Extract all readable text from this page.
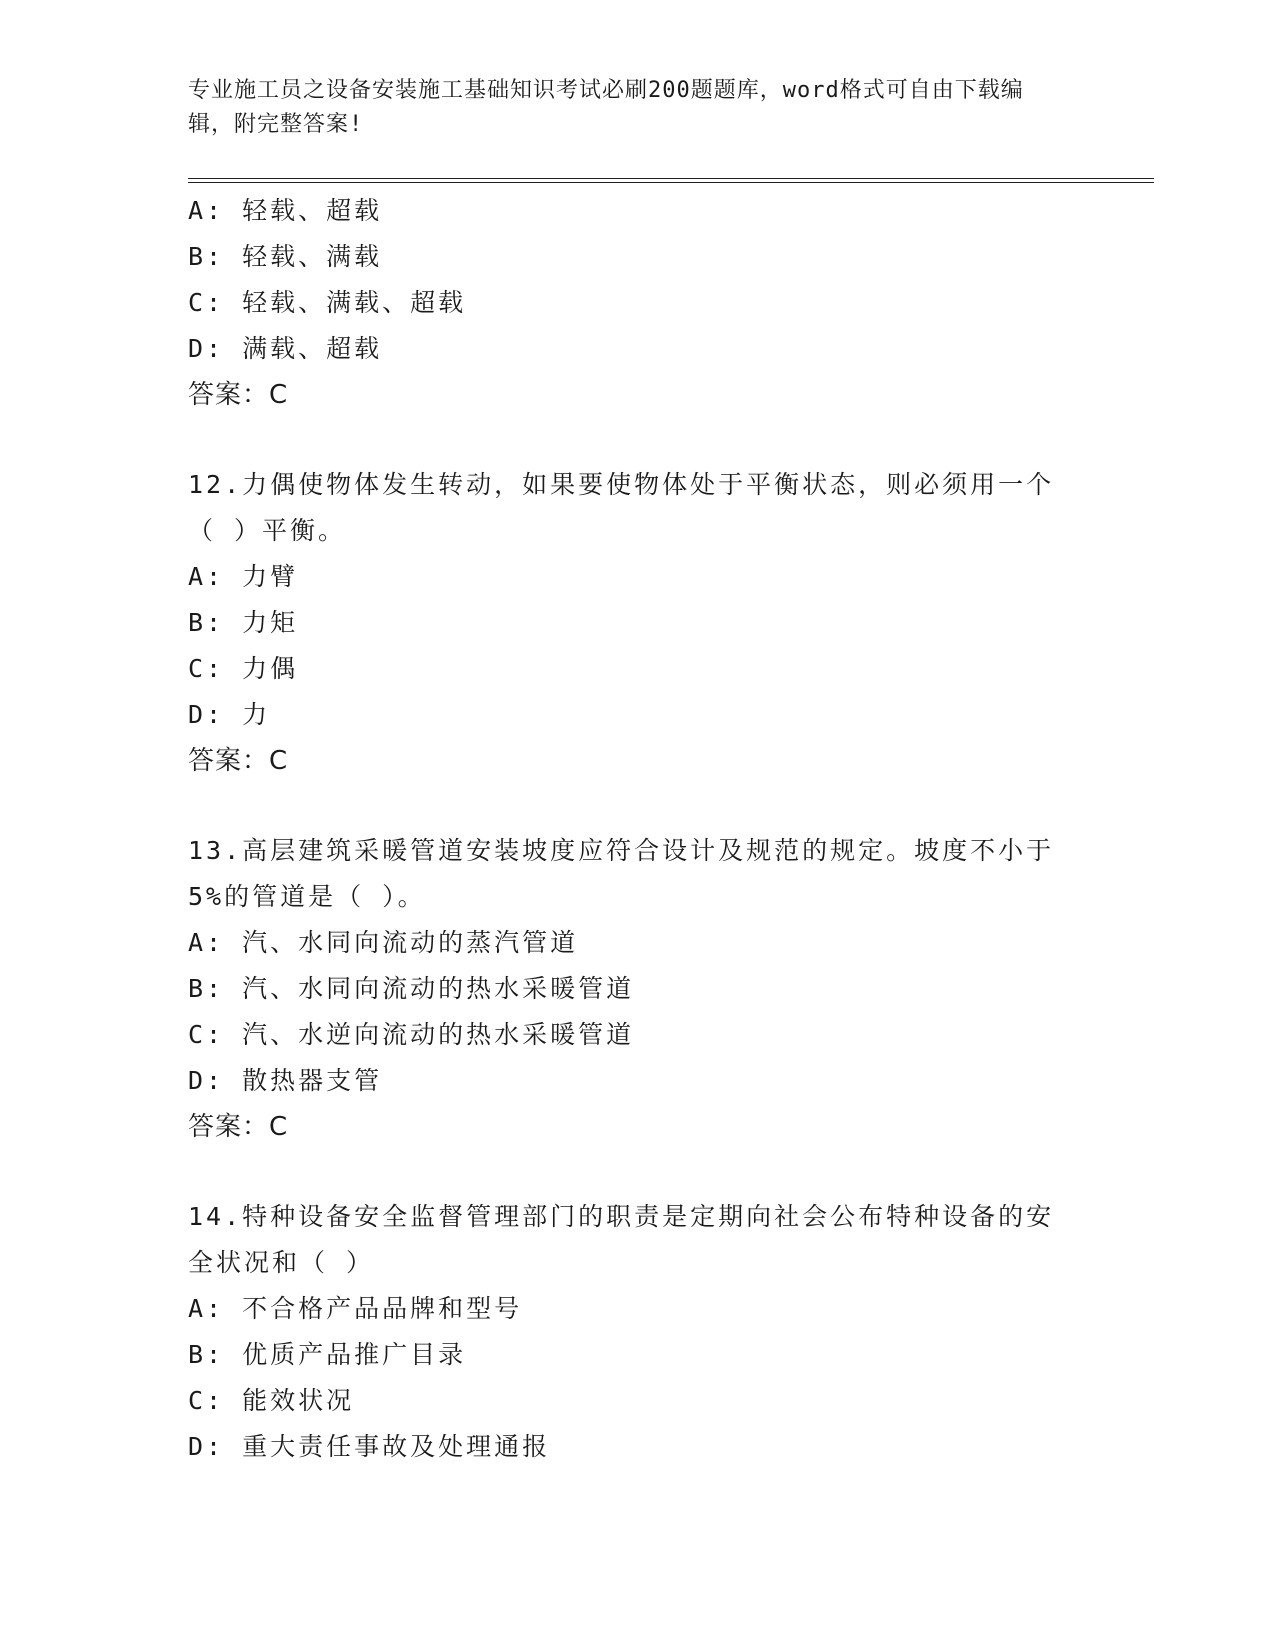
专业施工员之设备安装施工基础知识考试必刷200题题库，word格式可自由下载编辑，附完整答案!
A: 轻载、超载
B: 轻载、满载
C: 轻载、满载、超载
D: 满载、超载
答案：C
12.力偶使物体发生转动，如果要使物体处于平衡状态，则必须用一个
（ ）平衡。
A: 力臂
B: 力矩
C: 力偶
D: 力
答案：C
13.高层建筑采暖管道安装坡度应符合设计及规范的规定。坡度不小于
5%的管道是（ ）。
A: 汽、水同向流动的蒸汽管道
B: 汽、水同向流动的热水采暖管道
C: 汽、水逆向流动的热水采暖管道
D: 散热器支管
答案：C
14.特种设备安全监督管理部门的职责是定期向社会公布特种设备的安
全状况和（ ）
A: 不合格产品品牌和型号
B: 优质产品推广目录
C: 能效状况
D: 重大责任事故及处理通报
